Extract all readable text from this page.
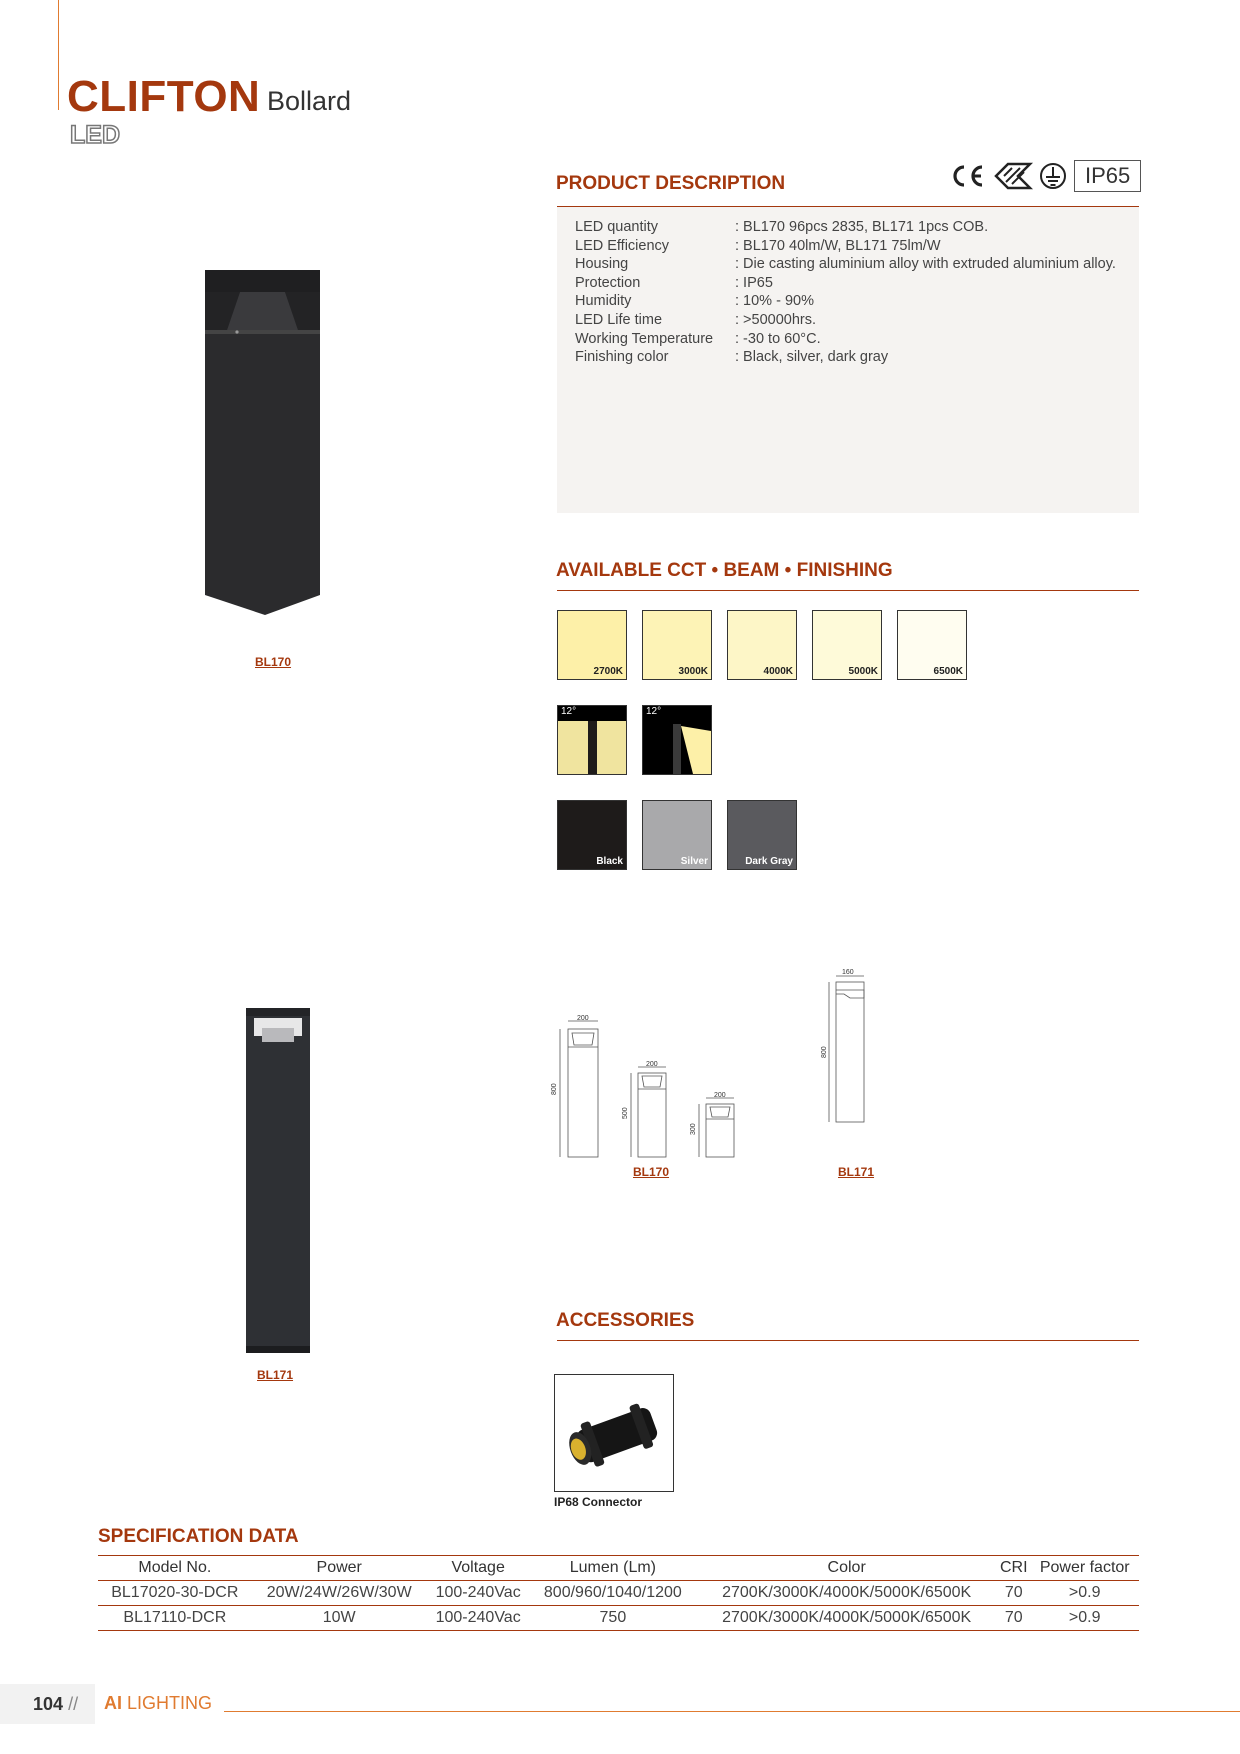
CLIFTON Bollard
LED
BL170
BL171
PRODUCT DESCRIPTION	IP65
LED quantity	: BL170 96pcs 2835, BL171 1pcs COB.
LED Efficiency	: BL170 40lm/W, BL171 75lm/W
Housing	: Die casting aluminium alloy with extruded aluminium alloy.
Protection	: IP65
Humidity	: 10% - 90%
LED Life time	: >50000hrs.
Working Temperature : -30 to 60°C.
Finishing color	: Black, silver, dark gray
AVAILABLE CCT • BEAM • FINISHING
2700K	3000K	4000K	5000K	6500K
12°	12°
Black	Silver	Dark Gray
200
800
200
500
200
300
BL170
160
800
BL171
ACCESSORIES
IP68 Connector
SPECIFICATION DATA
Model No.	Power	Voltage	Lumen (Lm)	Color	CRI	Power factor
BL17020-30-DCR	20W/24W/26W/30W	100-240Vac	800/960/1040/1200	2700K/3000K/4000K/5000K/6500K	70	>0.9
BL17110-DCR	10W	100-240Vac	750	2700K/3000K/4000K/5000K/6500K	70	>0.9
104 // AI LIGHTING
